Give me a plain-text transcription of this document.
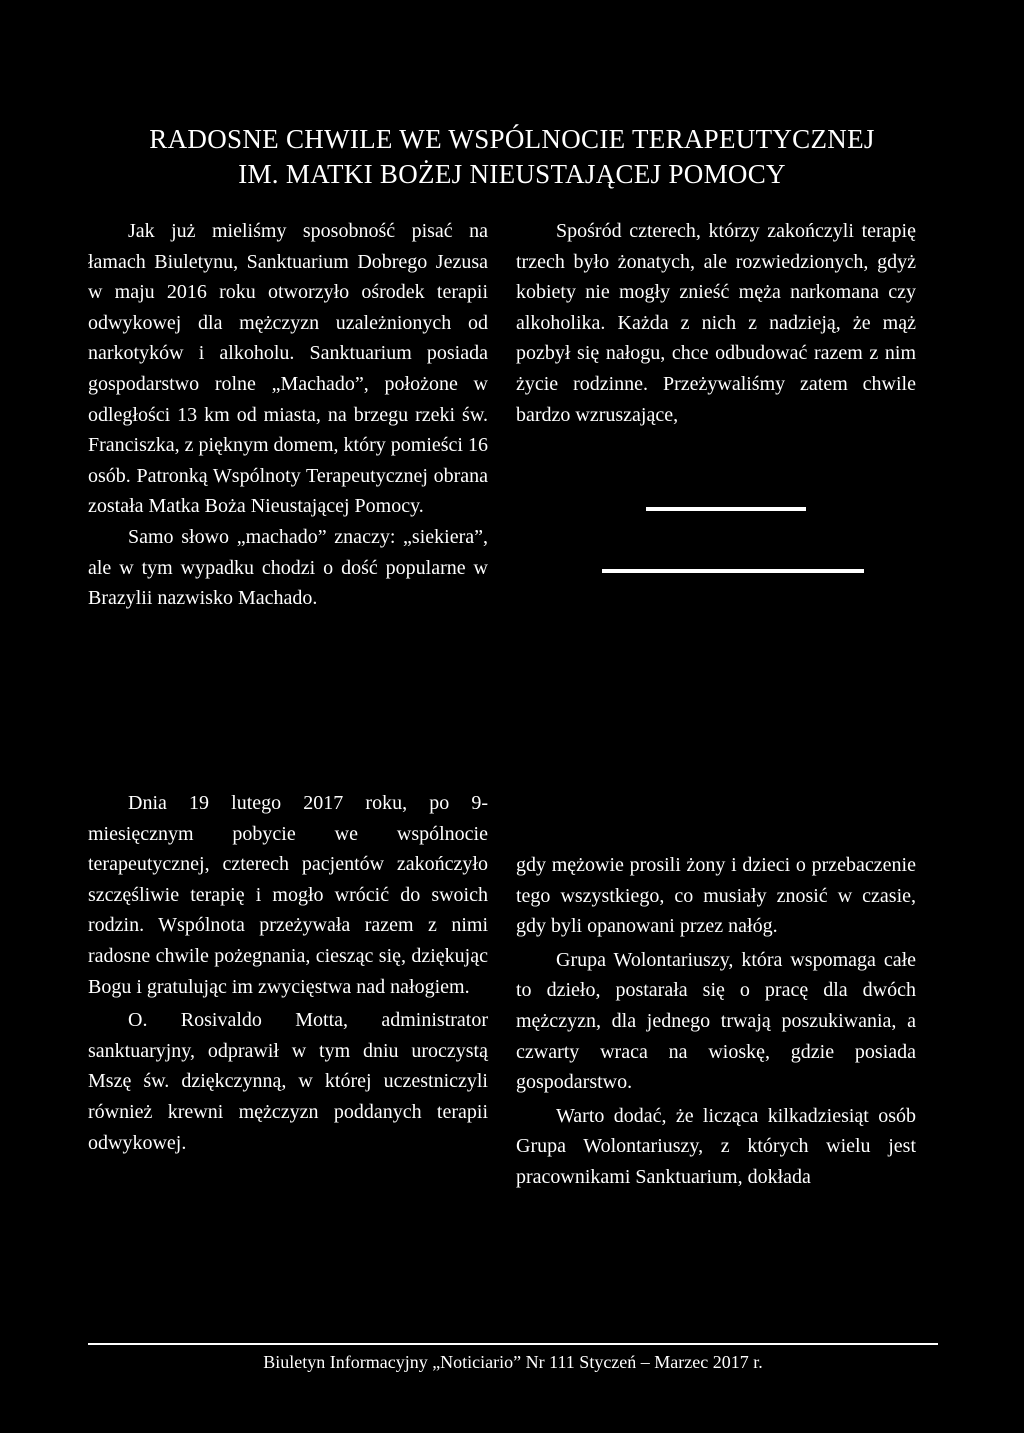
RADOSNE CHWILE WE WSPÓLNOCIE TERAPEUTYCZNEJ
IM. MATKI BOŻEJ NIEUSTAJĄCEJ POMOCY

Jak już mieliśmy sposobność pisać na łamach Biuletynu, Sanktuarium Dobrego Jezusa w maju 2016 roku otworzyło ośrodek terapii odwykowej dla mężczyzn uzależnionych od narkotyków i alkoholu. Sanktuarium posiada gospodarstwo rolne „Machado”, położone w odległości 13 km od miasta, na brzegu rzeki św. Franciszka, z pięknym domem, który pomieści 16 osób. Patronką Wspólnoty Terapeutycznej obrana została Matka Boża Nieustającej Pomocy.

Samo słowo „machado” znaczy: „siekiera”, ale w tym wypadku chodzi o dość popularne w Brazylii nazwisko Machado.

Dnia 19 lutego 2017 roku, po 9-miesięcznym pobycie we wspólnocie terapeutycznej, czterech pacjentów zakończyło szczęśliwie terapię i mogło wrócić do swoich rodzin. Wspólnota przeżywała razem z nimi radosne chwile pożegnania, ciesząc się, dziękując Bogu i gratulując im zwycięstwa nad nałogiem.

O. Rosivaldo Motta, administrator sanktuaryjny, odprawił w tym dniu uroczystą Mszę św. dziękczynną, w której uczestniczyli również krewni mężczyzn poddanych terapii odwykowej.

Spośród czterech, którzy zakończyli terapię trzech było żonatych, ale rozwiedzionych, gdyż kobiety nie mogły znieść męża narkomana czy alkoholika. Każda z nich z nadzieją, że mąż pozbył się nałogu, chce odbudować razem z nim życie rodzinne. Przeżywaliśmy zatem chwile bardzo wzruszające,

gdy mężowie prosili żony i dzieci o przebaczenie tego wszystkiego, co musiały znosić w czasie, gdy byli opanowani przez nałóg.

Grupa Wolontariuszy, która wspomaga całe to dzieło, postarała się o pracę dla dwóch mężczyzn, dla jednego trwają poszukiwania, a czwarty wraca na wioskę, gdzie posiada gospodarstwo.

Warto dodać, że licząca kilkadziesiąt osób Grupa Wolontariuszy, z których wielu jest pracownikami Sanktuarium, dokłada

Biuletyn Informacyjny „Noticiario” Nr 111 Styczeń – Marzec 2017 r.
